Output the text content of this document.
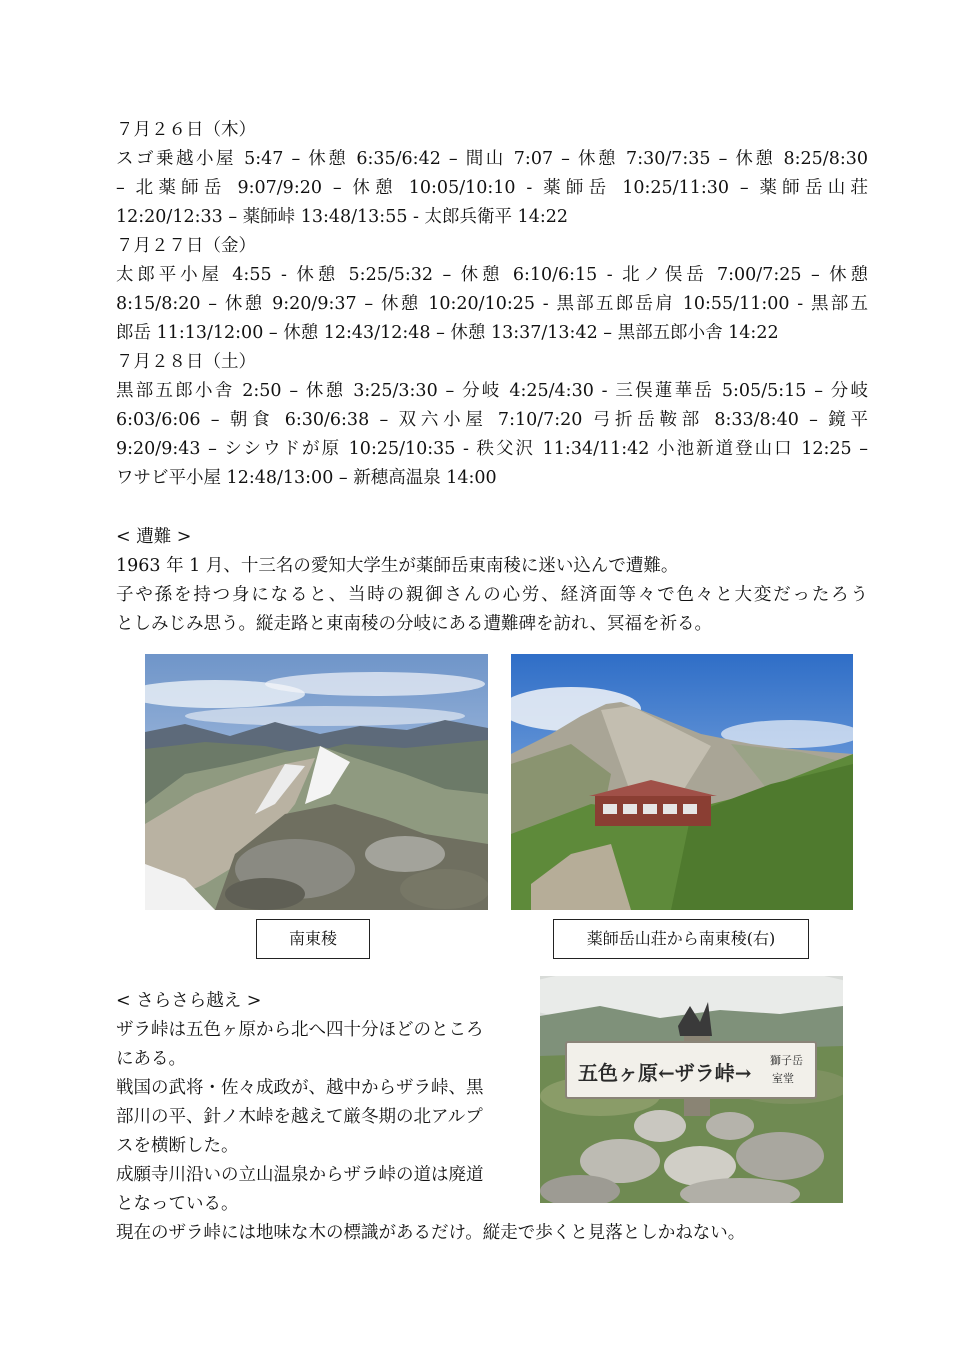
７月２６日（木）
スゴ乗越小屋 5:47 – 休憩 6:35/6:42 – 間山 7:07 – 休憩 7:30/7:35 – 休憩 8:25/8:30
– 北薬師岳 9:07/9:20 – 休憩 10:05/10:10 ‐ 薬師岳 10:25/11:30 – 薬師岳山荘
12:20/12:33 – 薬師峠 13:48/13:55 ‐ 太郎兵衛平 14:22
７月２７日（金）
太郎平小屋 4:55 ‐ 休憩 5:25/5:32 – 休憩 6:10/6:15 ‐ 北ノ俣岳 7:00/7:25 – 休憩
8:15/8:20 – 休憩 9:20/9:37 – 休憩 10:20/10:25 ‐ 黒部五郎岳肩 10:55/11:00 ‐ 黒部五
郎岳 11:13/12:00 – 休憩 12:43/12:48 – 休憩 13:37/13:42 – 黒部五郎小舎 14:22
７月２８日（土）
黒部五郎小舎 2:50 – 休憩 3:25/3:30 – 分岐 4:25/4:30 ‐ 三俣蓮華岳 5:05/5:15 – 分岐
6:03/6:06 – 朝食 6:30/6:38 – 双六小屋 7:10/7:20 弓折岳鞍部 8:33/8:40 – 鏡平
9:20/9:43 – シシウドが原 10:25/10:35 ‐ 秩父沢 11:34/11:42 小池新道登山口 12:25 –
ワサビ平小屋 12:48/13:00 – 新穂高温泉 14:00
< 遭難 >
1963 年 1 月、十三名の愛知大学生が薬師岳東南稜に迷い込んで遭難。
子や孫を持つ身になると、当時の親御さんの心労、経済面等々で色々と大変だったろう
としみじみ思う。縦走路と東南稜の分岐にある遭難碑を訪れ、冥福を祈る。
南東稜	薬師岳山荘から南東稜(右)
< さらさら越え >
ザラ峠は五色ヶ原から北へ四十分ほどのところ
にある。
戦国の武将・佐々成政が、越中からザラ峠、黒
部川の平、針ノ木峠を越えて厳冬期の北アルプ
スを横断した。
成願寺川沿いの立山温泉からザラ峠の道は廃道
となっている。
現在のザラ峠には地味な木の標識があるだけ。縦走で歩くと見落としかねない。
五色ヶ原←ザラ峠→
獅子岳
室堂
